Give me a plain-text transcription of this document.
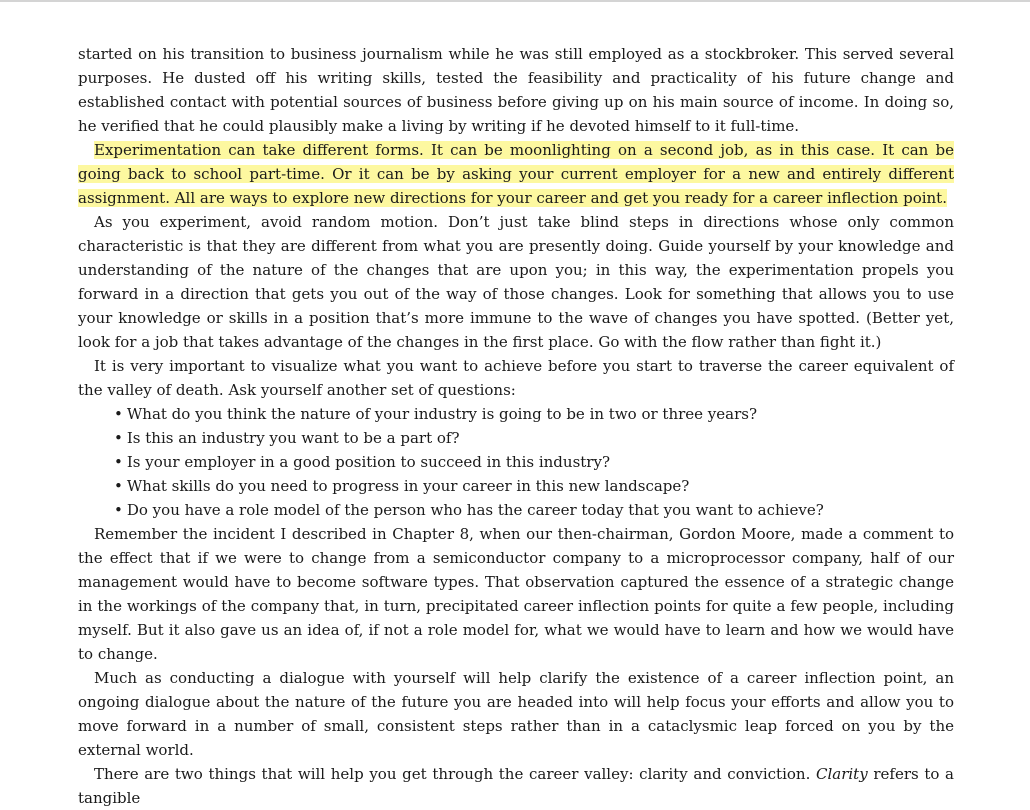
started on his transition to business journalism while he was still employed as a stockbroker. This served several purposes. He dusted off his writing skills, tested the feasibility and practicality of his future change and established contact with potential sources of business before giving up on his main source of income. In doing so, he verified that he could plausibly make a living by writing if he devoted himself to it full-time.

Experimentation can take different forms. It can be moonlighting on a second job, as in this case. It can be going back to school part-time. Or it can be by asking your current employer for a new and entirely different assignment. All are ways to explore new directions for your career and get you ready for a career inflection point.

As you experiment, avoid random motion. Don’t just take blind steps in directions whose only common characteristic is that they are different from what you are presently doing. Guide yourself by your knowledge and understanding of the nature of the changes that are upon you; in this way, the experimentation propels you forward in a direction that gets you out of the way of those changes. Look for something that allows you to use your knowledge or skills in a position that’s more immune to the wave of changes you have spotted. (Better yet, look for a job that takes advantage of the changes in the first place. Go with the flow rather than fight it.)

It is very important to visualize what you want to achieve before you start to traverse the career equivalent of the valley of death. Ask yourself another set of questions:

• What do you think the nature of your industry is going to be in two or three years?
• Is this an industry you want to be a part of?
• Is your employer in a good position to succeed in this industry?
• What skills do you need to progress in your career in this new landscape?
• Do you have a role model of the person who has the career today that you want to achieve?

Remember the incident I described in Chapter 8, when our then-chairman, Gordon Moore, made a comment to the effect that if we were to change from a semiconductor company to a microprocessor company, half of our management would have to become software types. That observation captured the essence of a strategic change in the workings of the company that, in turn, precipitated career inflection points for quite a few people, including myself. But it also gave us an idea of, if not a role model for, what we would have to learn and how we would have to change.

Much as conducting a dialogue with yourself will help clarify the existence of a career inflection point, an ongoing dialogue about the nature of the future you are headed into will help focus your efforts and allow you to move forward in a number of small, consistent steps rather than in a cataclysmic leap forced on you by the external world.

There are two things that will help you get through the career valley: clarity and conviction. Clarity refers to a tangible
